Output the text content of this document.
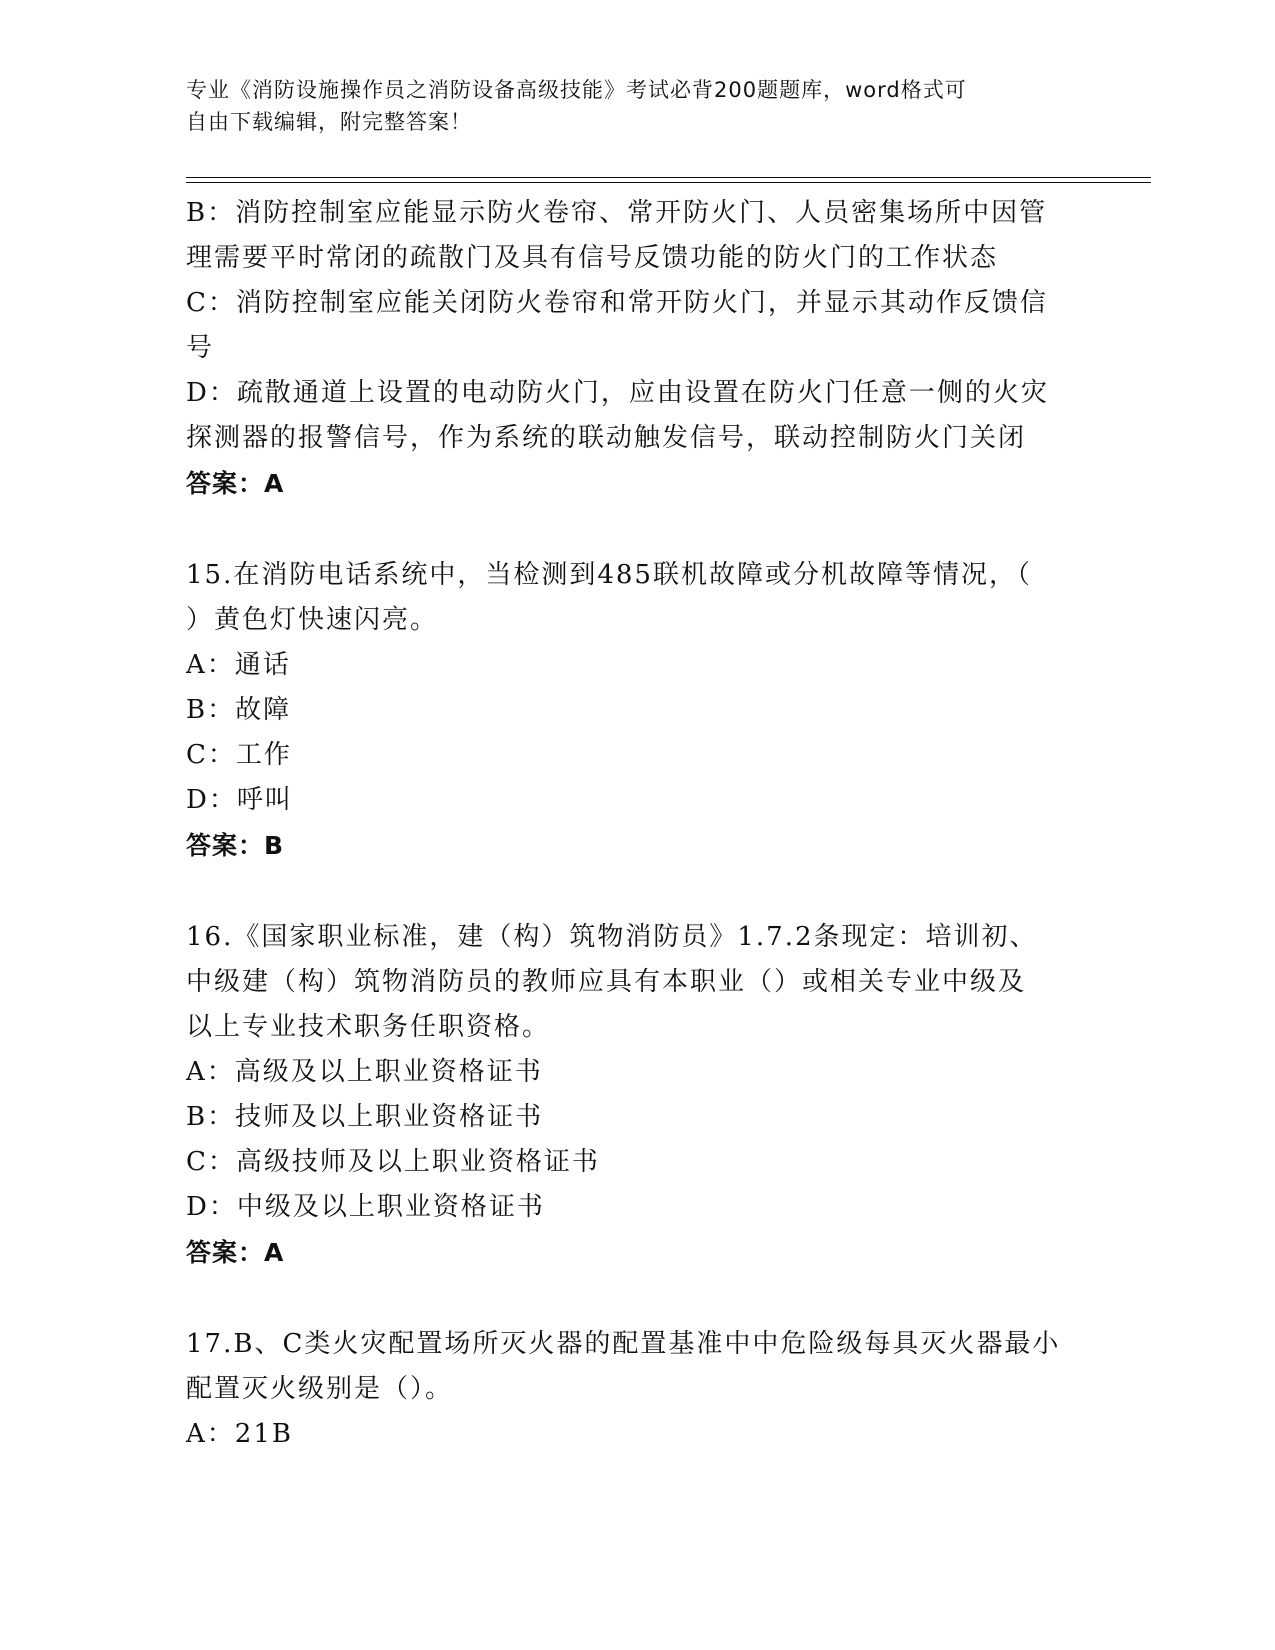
专业《消防设施操作员之消防设备高级技能》考试必背200题题库，word格式可
自由下载编辑，附完整答案！
B：消防控制室应能显示防火卷帘、常开防火门、人员密集场所中因管
理需要平时常闭的疏散门及具有信号反馈功能的防火门的工作状态
C：消防控制室应能关闭防火卷帘和常开防火门，并显示其动作反馈信
号
D：疏散通道上设置的电动防火门，应由设置在防火门任意一侧的火灾
探测器的报警信号，作为系统的联动触发信号，联动控制防火门关闭
答案：A
15.在消防电话系统中，当检测到485联机故障或分机故障等情况，（
）黄色灯快速闪亮。
A：通话
B：故障
C：工作
D：呼叫
答案：B
16.《国家职业标准，建（构）筑物消防员》1.7.2条现定：培训初、
中级建（构）筑物消防员的教师应具有本职业（）或相关专业中级及
以上专业技术职务任职资格。
A：高级及以上职业资格证书
B：技师及以上职业资格证书
C：高级技师及以上职业资格证书
D：中级及以上职业资格证书
答案：A
17.B、C类火灾配置场所灭火器的配置基准中中危险级每具灭火器最小
配置灭火级别是（）。
A：21B
